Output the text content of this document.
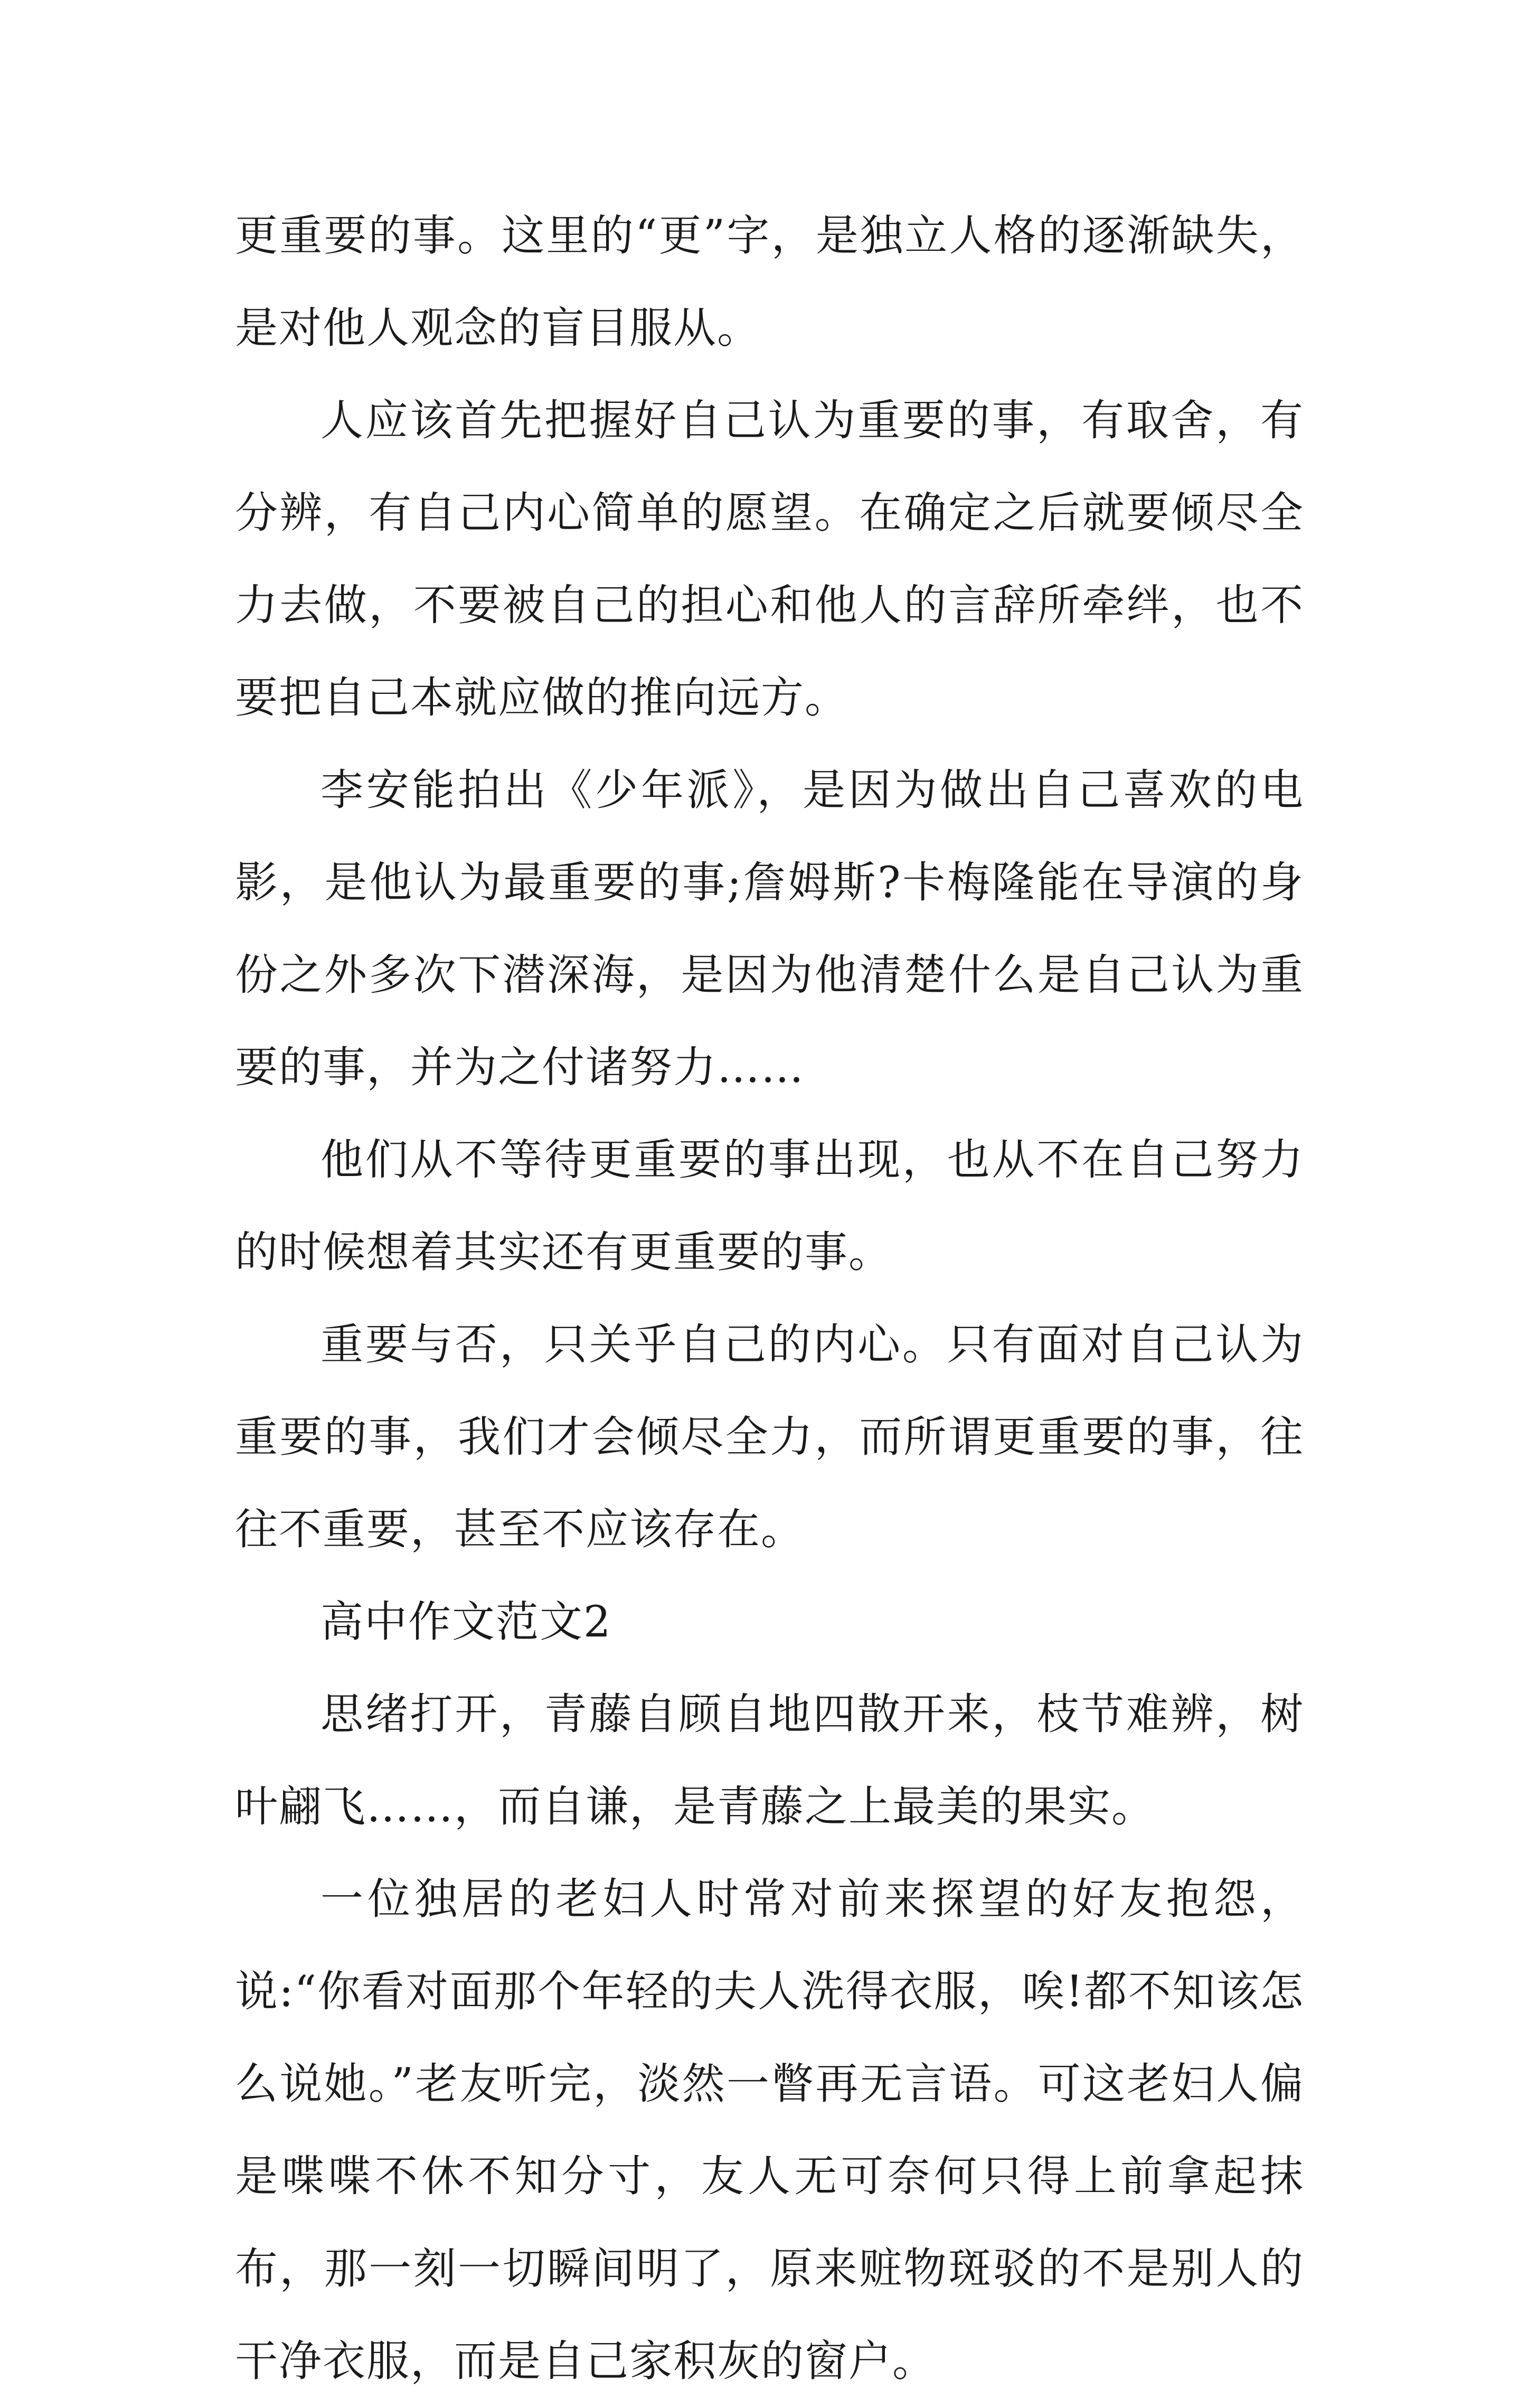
更重要的事。这里的“更”字，是独立人格的逐渐缺失，是对他人观念的盲目服从。

人应该首先把握好自己认为重要的事，有取舍，有分辨，有自己内心简单的愿望。在确定之后就要倾尽全力去做，不要被自己的担心和他人的言辞所牵绊，也不要把自己本就应做的推向远方。

李安能拍出《少年派》，是因为做出自己喜欢的电影，是他认为最重要的事;詹姆斯?卡梅隆能在导演的身份之外多次下潜深海，是因为他清楚什么是自己认为重要的事，并为之付诸努力……

他们从不等待更重要的事出现，也从不在自己努力的时候想着其实还有更重要的事。

重要与否，只关乎自己的内心。只有面对自己认为重要的事，我们才会倾尽全力，而所谓更重要的事，往往不重要，甚至不应该存在。

高中作文范文2

思绪打开，青藤自顾自地四散开来，枝节难辨，树叶翩飞……，而自谦，是青藤之上最美的果实。

一位独居的老妇人时常对前来探望的好友抱怨，说:“你看对面那个年轻的夫人洗得衣服，唉!都不知该怎么说她。”老友听完，淡然一瞥再无言语。可这老妇人偏是喋喋不休不知分寸，友人无可奈何只得上前拿起抹布，那一刻一切瞬间明了，原来赃物斑驳的不是别人的干净衣服，而是自己家积灰的窗户。
